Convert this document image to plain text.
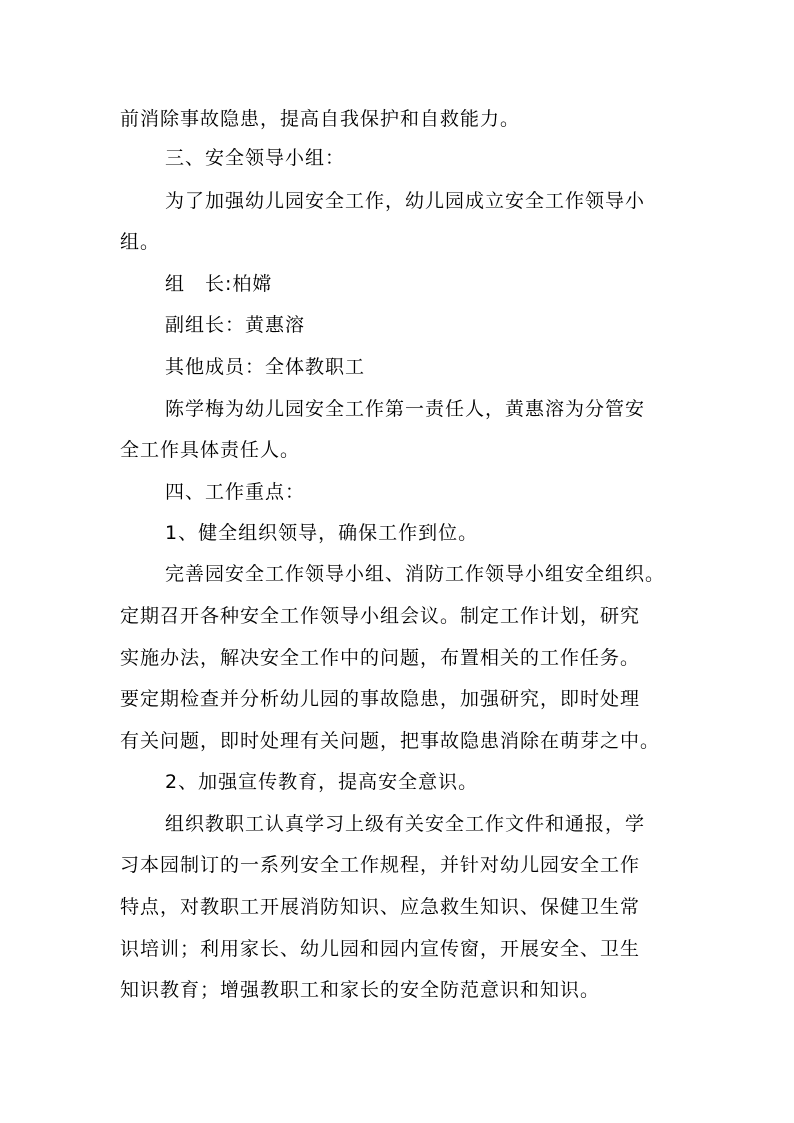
前消除事故隐患，提高自我保护和自救能力。
三、安全领导小组：
为了加强幼儿园安全工作，幼儿园成立安全工作领导小
组。
组　长:柏嫦
副组长：黄惠溶
其他成员：全体教职工
陈学梅为幼儿园安全工作第一责任人，黄惠溶为分管安
全工作具体责任人。
四、工作重点：
1、健全组织领导，确保工作到位。
完善园安全工作领导小组、消防工作领导小组安全组织。
定期召开各种安全工作领导小组会议。制定工作计划，研究
实施办法，解决安全工作中的问题，布置相关的工作任务。
要定期检查并分析幼儿园的事故隐患，加强研究，即时处理
有关问题，即时处理有关问题，把事故隐患消除在萌芽之中。
2、加强宣传教育，提高安全意识。
组织教职工认真学习上级有关安全工作文件和通报，学
习本园制订的一系列安全工作规程，并针对幼儿园安全工作
特点，对教职工开展消防知识、应急救生知识、保健卫生常
识培训；利用家长、幼儿园和园内宣传窗，开展安全、卫生
知识教育；增强教职工和家长的安全防范意识和知识。
